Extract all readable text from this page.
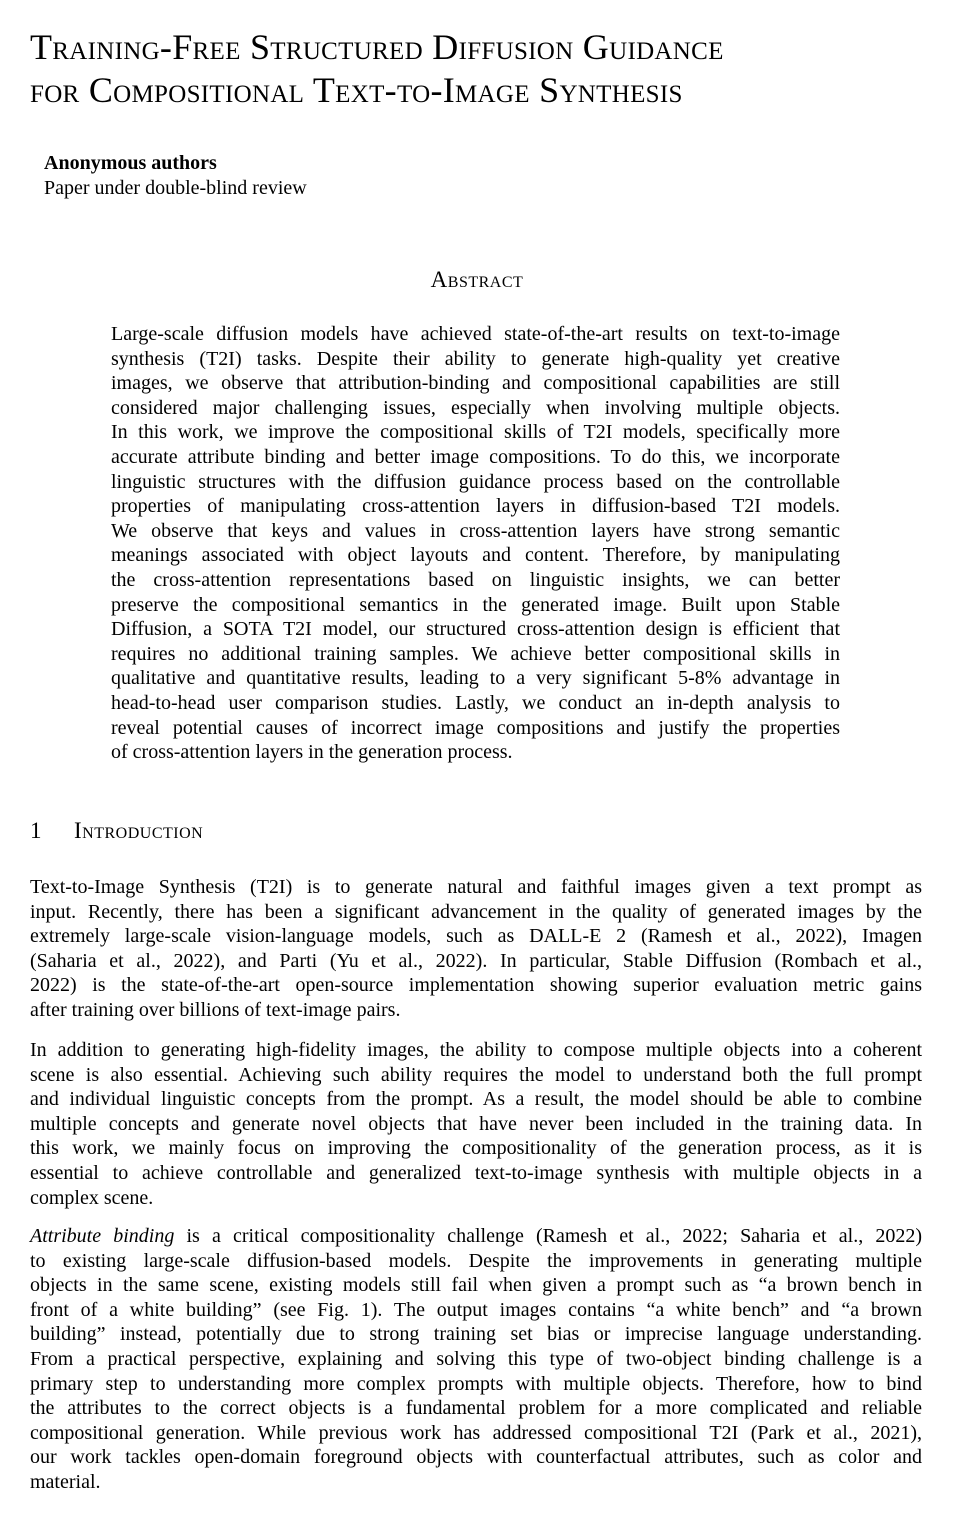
Training-Free Structured Diffusion Guidance
for Compositional Text-to-Image Synthesis
Anonymous authors
Paper under double-blind review
Abstract
Large-scale diffusion models have achieved state-of-the-art results on text-to-image
synthesis (T2I) tasks. Despite their ability to generate high-quality yet creative
images, we observe that attribution-binding and compositional capabilities are still
considered major challenging issues, especially when involving multiple objects.
In this work, we improve the compositional skills of T2I models, specifically more
accurate attribute binding and better image compositions. To do this, we incorporate
linguistic structures with the diffusion guidance process based on the controllable
properties of manipulating cross-attention layers in diffusion-based T2I models.
We observe that keys and values in cross-attention layers have strong semantic
meanings associated with object layouts and content. Therefore, by manipulating
the cross-attention representations based on linguistic insights, we can better
preserve the compositional semantics in the generated image. Built upon Stable
Diffusion, a SOTA T2I model, our structured cross-attention design is efficient that
requires no additional training samples. We achieve better compositional skills in
qualitative and quantitative results, leading to a very significant 5-8% advantage in
head-to-head user comparison studies. Lastly, we conduct an in-depth analysis to
reveal potential causes of incorrect image compositions and justify the properties
of cross-attention layers in the generation process.
1 Introduction
Text-to-Image Synthesis (T2I) is to generate natural and faithful images given a text prompt as
input. Recently, there has been a significant advancement in the quality of generated images by the
extremely large-scale vision-language models, such as DALL-E 2 (Ramesh et al., 2022), Imagen
(Saharia et al., 2022), and Parti (Yu et al., 2022). In particular, Stable Diffusion (Rombach et al.,
2022) is the state-of-the-art open-source implementation showing superior evaluation metric gains
after training over billions of text-image pairs.
In addition to generating high-fidelity images, the ability to compose multiple objects into a coherent
scene is also essential. Achieving such ability requires the model to understand both the full prompt
and individual linguistic concepts from the prompt. As a result, the model should be able to combine
multiple concepts and generate novel objects that have never been included in the training data. In
this work, we mainly focus on improving the compositionality of the generation process, as it is
essential to achieve controllable and generalized text-to-image synthesis with multiple objects in a
complex scene.
Attribute binding is a critical compositionality challenge (Ramesh et al., 2022; Saharia et al., 2022)
to existing large-scale diffusion-based models. Despite the improvements in generating multiple
objects in the same scene, existing models still fail when given a prompt such as “a brown bench in
front of a white building” (see Fig. 1). The output images contains “a white bench” and “a brown
building” instead, potentially due to strong training set bias or imprecise language understanding.
From a practical perspective, explaining and solving this type of two-object binding challenge is a
primary step to understanding more complex prompts with multiple objects. Therefore, how to bind
the attributes to the correct objects is a fundamental problem for a more complicated and reliable
compositional generation. While previous work has addressed compositional T2I (Park et al., 2021),
our work tackles open-domain foreground objects with counterfactual attributes, such as color and
material.
